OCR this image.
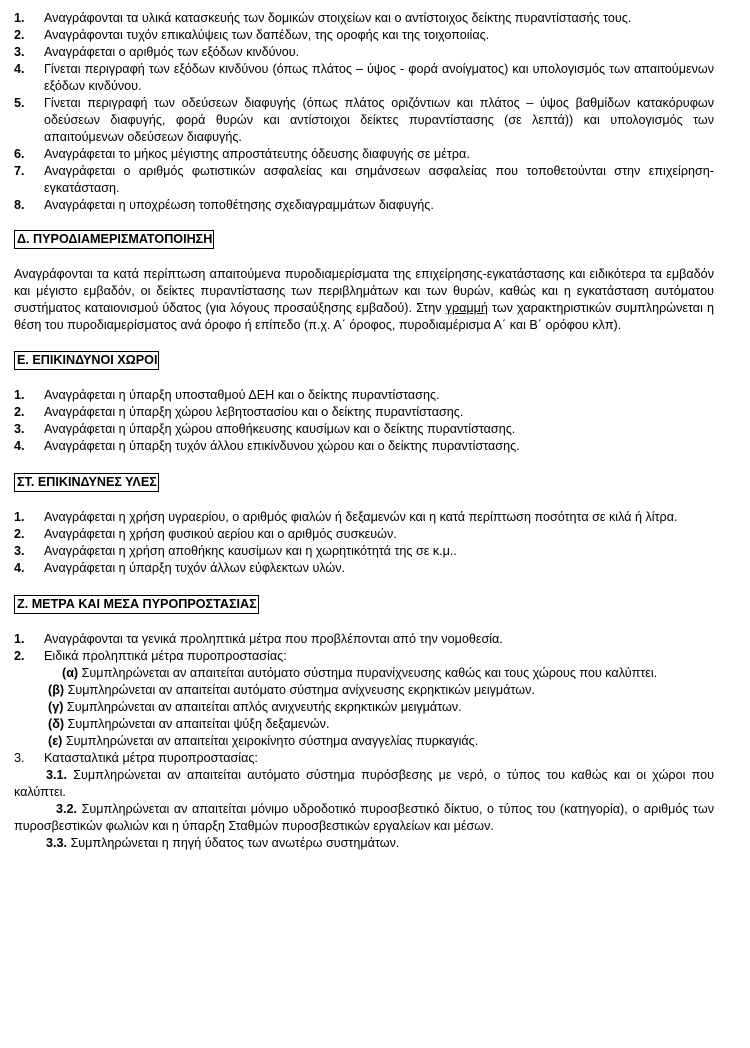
1.	Αναγράφονται τα υλικά κατασκευής των δομικών στοιχείων και ο αντίστοιχος δείκτης πυραντίστασής τους.
2.	Αναγράφονται τυχόν επικαλύψεις των δαπέδων, της οροφής και της τοιχοποιίας.
3.	Αναγράφεται ο αριθμός των εξόδων κινδύνου.
4.	Γίνεται περιγραφή των εξόδων κινδύνου (όπως πλάτος – ύψος - φορά ανοίγματος) και υπολογισμός των απαιτούμενων εξόδων κινδύνου.
5.	Γίνεται περιγραφή των οδεύσεων διαφυγής (όπως πλάτος οριζόντιων και πλάτος – ύψος βαθμίδων κατακόρυφων οδεύσεων διαφυγής, φορά θυρών και αντίστοιχοι δείκτες πυραντίστασης (σε λεπτά)) και υπολογισμός των απαιτούμενων οδεύσεων διαφυγής.
6.	Αναγράφεται το μήκος μέγιστης απροστάτευτης όδευσης διαφυγής σε μέτρα.
7.	Αναγράφεται ο αριθμός φωτιστικών ασφαλείας και σημάνσεων ασφαλείας που τοποθετούνται στην επιχείρηση- εγκατάσταση.
8.	Αναγράφεται η υποχρέωση τοποθέτησης σχεδιαγραμμάτων διαφυγής.
Δ. ΠΥΡΟΔΙΑΜΕΡΙΣΜΑΤΟΠΟΙΗΣΗ

Αναγράφονται τα κατά περίπτωση απαιτούμενα πυροδιαμερίσματα της επιχείρησης-εγκατάστασης και ειδικότερα τα εμβαδόν και μέγιστο εμβαδόν, οι δείκτες πυραντίστασης των περιβλημάτων και των θυρών, καθώς και η εγκατάσταση αυτόματου συστήματος καταιονισμού ύδατος (για λόγους προσαύξησης εμβαδού). Στην γραμμή των χαρακτηριστικών συμπληρώνεται η θέση του πυροδιαμερίσματος ανά όροφο ή επίπεδο (π.χ. Α΄ όροφος, πυροδιαμέρισμα Α΄ και Β΄ ορόφου κλπ).

Ε. ΕΠΙΚΙΝΔΥΝΟΙ ΧΩΡΟΙ
1.	Αναγράφεται η ύπαρξη υποσταθμού ΔΕΗ και ο δείκτης πυραντίστασης.
2.	Αναγράφεται η ύπαρξη χώρου λεβητοστασίου και ο δείκτης πυραντίστασης.
3.	Αναγράφεται η ύπαρξη χώρου αποθήκευσης καυσίμων και ο δείκτης πυραντίστασης.
4.	Αναγράφεται η ύπαρξη τυχόν άλλου επικίνδυνου χώρου και ο δείκτης πυραντίστασης.
ΣΤ. ΕΠΙΚΙΝΔΥΝΕΣ ΥΛΕΣ
1.	Αναγράφεται η χρήση υγραερίου, ο αριθμός φιαλών ή δεξαμενών και η κατά περίπτωση ποσότητα σε κιλά ή λίτρα.
2.	Αναγράφεται η χρήση φυσικού αερίου και ο αριθμός συσκευών.
3.	Αναγράφεται η χρήση αποθήκης καυσίμων και η χωρητικότητά της σε κ.μ..
4.	Αναγράφεται η ύπαρξη τυχόν άλλων εύφλεκτων υλών.
Ζ. ΜΕΤΡΑ ΚΑΙ ΜΕΣΑ ΠΥΡΟΠΡΟΣΤΑΣΙΑΣ
1.	Αναγράφονται τα γενικά προληπτικά μέτρα που προβλέπονται από την νομοθεσία.
2.	Ειδικά προληπτικά μέτρα πυροπροστασίας:

(α) Συμπληρώνεται αν απαιτείται αυτόματο σύστημα πυρανίχνευσης καθώς και τους χώρους που καλύπτει.

(β) Συμπληρώνεται αν απαιτείται αυτόματο σύστημα ανίχνευσης εκρηκτικών μειγμάτων.

(γ) Συμπληρώνεται αν απαιτείται απλός ανιχνευτής εκρηκτικών μειγμάτων.

(δ) Συμπληρώνεται αν απαιτείται ψύξη δεξαμενών.

(ε) Συμπληρώνεται αν απαιτείται χειροκίνητο σύστημα αναγγελίας πυρκαγιάς.

3.	Κατασταλτικά μέτρα πυροπροστασίας:

3.1. Συμπληρώνεται αν απαιτείται αυτόματο σύστημα πυρόσβεσης με νερό, ο τύπος του καθώς και οι χώροι που καλύπτει.

3.2. Συμπληρώνεται αν απαιτείται μόνιμο υδροδοτικό πυροσβεστικό δίκτυο, ο τύπος του (κατηγορία), ο αριθμός των πυροσβεστικών φωλιών και η ύπαρξη Σταθμών πυροσβεστικών εργαλείων και μέσων.

3.3. Συμπληρώνεται η πηγή ύδατος των ανωτέρω συστημάτων.
